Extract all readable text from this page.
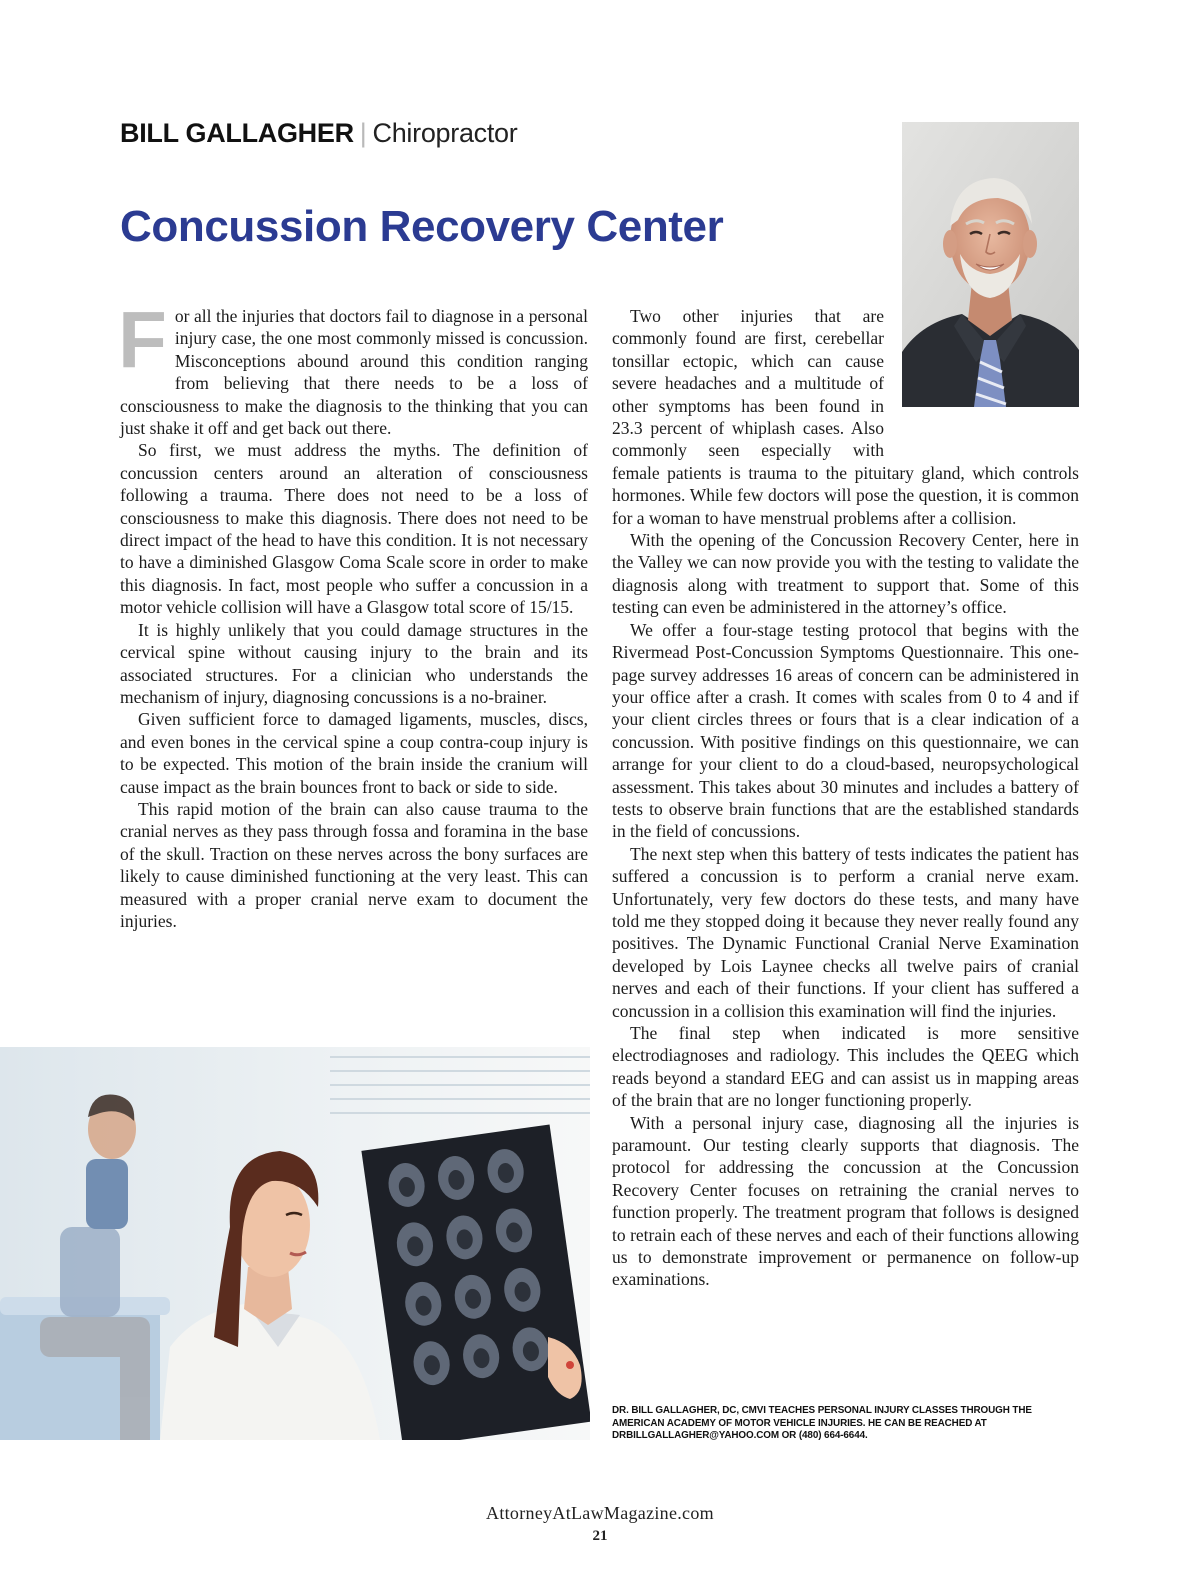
BILL GALLAGHER | Chiropractor
Concussion Recovery Center
F or all the injuries that doctors fail to diagnose in a personal injury case, the one most commonly missed is concussion. Misconceptions abound around this condition ranging from believing that there needs to be a loss of consciousness to make the diagnosis to the thinking that you can just shake it off and get back out there.

So first, we must address the myths. The definition of concussion centers around an alteration of consciousness following a trauma. There does not need to be a loss of consciousness to make this diagnosis. There does not need to be direct impact of the head to have this condition. It is not necessary to have a diminished Glasgow Coma Scale score in order to make this diagnosis. In fact, most people who suffer a concussion in a motor vehicle collision will have a Glasgow total score of 15/15.

It is highly unlikely that you could damage structures in the cervical spine without causing injury to the brain and its associated structures. For a clinician who understands the mechanism of injury, diagnosing concussions is a no-brainer.

Given sufficient force to damaged ligaments, muscles, discs, and even bones in the cervical spine a coup contra-coup injury is to be expected. This motion of the brain inside the cranium will cause impact as the brain bounces front to back or side to side.

This rapid motion of the brain can also cause trauma to the cranial nerves as they pass through fossa and foramina in the base of the skull. Traction on these nerves across the bony surfaces are likely to cause diminished functioning at the very least. This can measured with a proper cranial nerve exam to document the injuries.

Two other injuries that are commonly found are first, cerebellar tonsillar ectopic, which can cause severe headaches and a multitude of other symptoms has been found in 23.3 percent of whiplash cases. Also commonly seen especially with female patients is trauma to the pituitary gland, which controls hormones. While few doctors will pose the question, it is common for a woman to have menstrual problems after a collision.

With the opening of the Concussion Recovery Center, here in the Valley we can now provide you with the testing to validate the diagnosis along with treatment to support that. Some of this testing can even be administered in the attorney’s office.

We offer a four-stage testing protocol that begins with the Rivermead Post-Concussion Symptoms Questionnaire. This one-page survey addresses 16 areas of concern can be administered in your office after a crash. It comes with scales from 0 to 4 and if your client circles threes or fours that is a clear indication of a concussion. With positive findings on this questionnaire, we can arrange for your client to do a cloud-based, neuropsychological assessment. This takes about 30 minutes and includes a battery of tests to observe brain functions that are the established standards in the field of concussions.

The next step when this battery of tests indicates the patient has suffered a concussion is to perform a cranial nerve exam. Unfortunately, very few doctors do these tests, and many have told me they stopped doing it because they never really found any positives. The Dynamic Functional Cranial Nerve Examination developed by Lois Laynee checks all twelve pairs of cranial nerves and each of their functions. If your client has suffered a concussion in a collision this examination will find the injuries.

The final step when indicated is more sensitive electrodiagnoses and radiology. This includes the QEEG which reads beyond a standard EEG and can assist us in mapping areas of the brain that are no longer functioning properly.

With a personal injury case, diagnosing all the injuries is paramount. Our testing clearly supports that diagnosis. The protocol for addressing the concussion at the Concussion Recovery Center focuses on retraining the cranial nerves to function properly. The treatment program that follows is designed to retrain each of these nerves and each of their functions allowing us to demonstrate improvement or permanence on follow-up examinations.

DR. BILL GALLAGHER, DC, CMVI TEACHES PERSONAL INJURY CLASSES THROUGH THE AMERICAN ACADEMY OF MOTOR VEHICLE INJURIES. HE CAN BE REACHED AT DRBILLGALLAGHER@YAHOO.COM OR (480) 664-6644.
AttorneyAtLawMagazine.com
21
